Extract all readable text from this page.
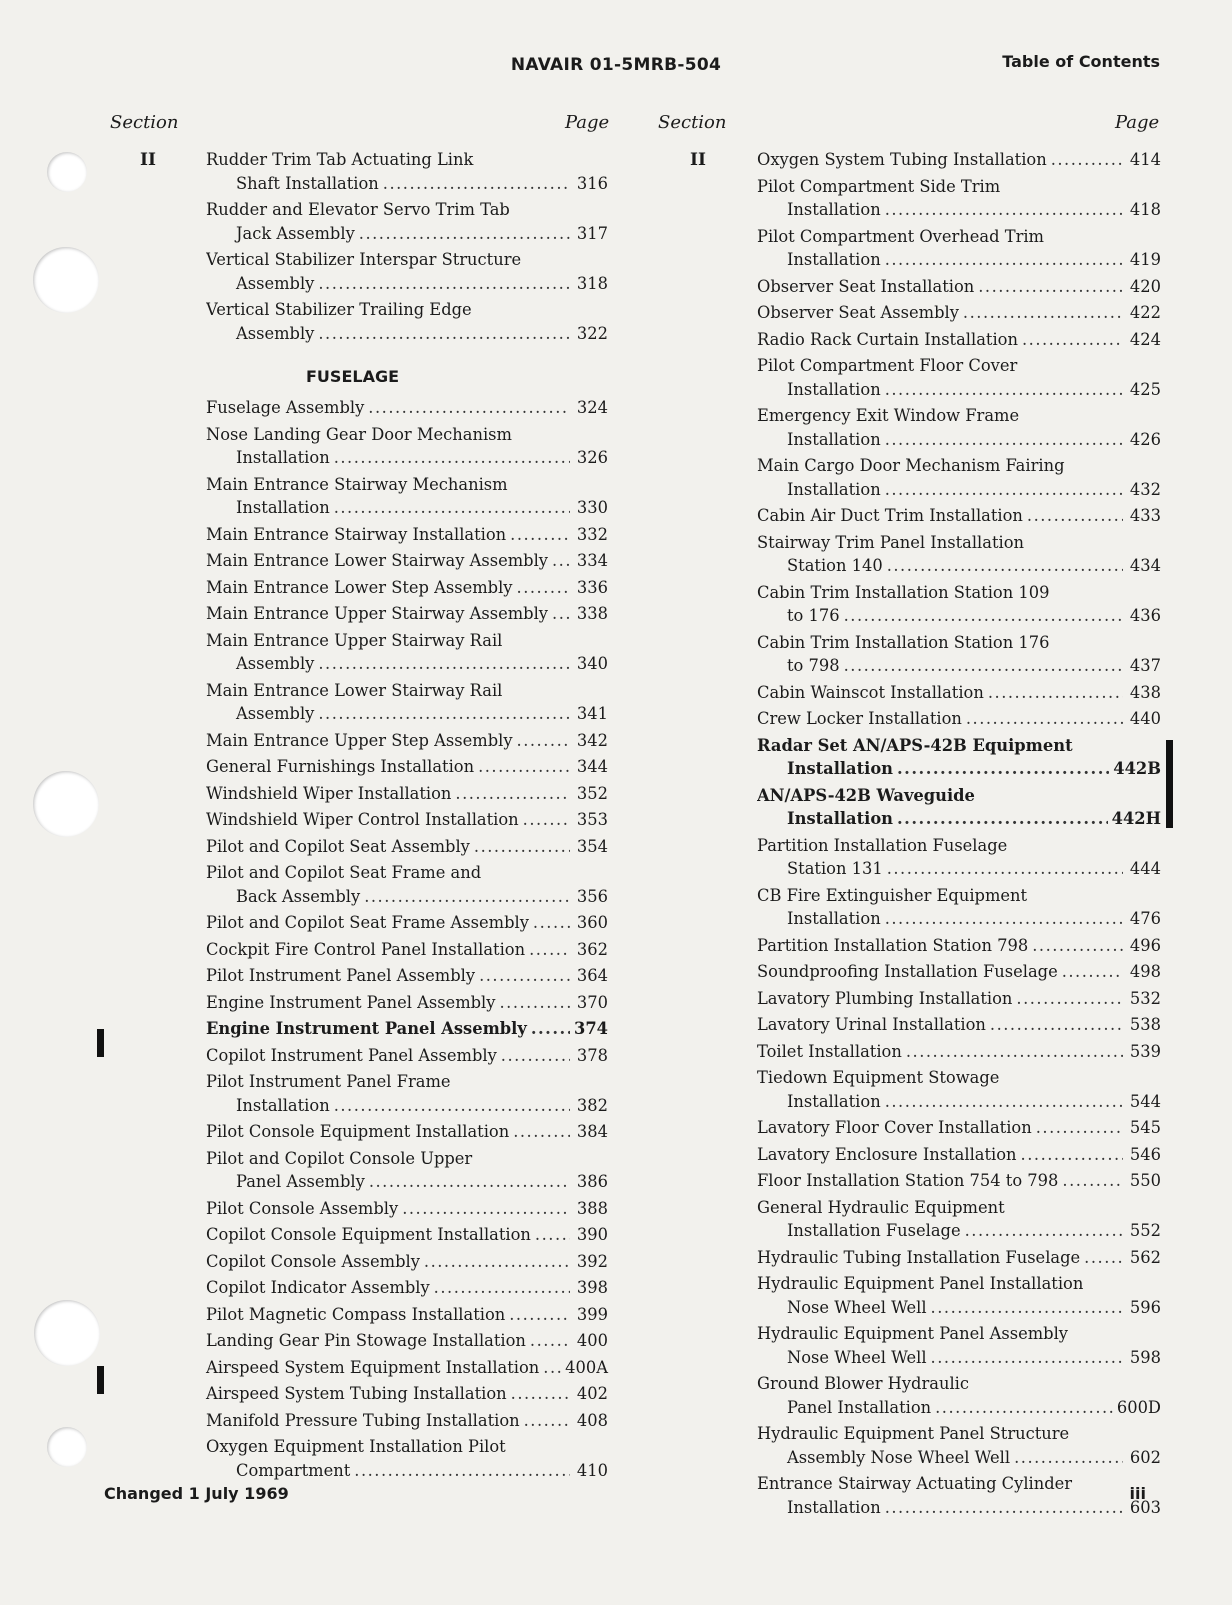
NAVAIR 01-5MRB-504	Table of Contents
Section	Page	Section	Page
II	II
Rudder Trim Tab Actuating Link
Shaft Installation .....	316
Rudder and Elevator Servo Trim Tab
Jack Assembly .....	317
Vertical Stabilizer Interspar Structure
Assembly .....	318
Vertical Stabilizer Trailing Edge
Assembly .....	322
FUSELAGE
Fuselage Assembly .....	324
Nose Landing Gear Door Mechanism
Installation .....	326
Main Entrance Stairway Mechanism
Installation .....	330
Main Entrance Stairway Installation .....	332
Main Entrance Lower Stairway Assembly ..... 334
Main Entrance Lower Step Assembly .....	336
Main Entrance Upper Stairway Assembly ..... 338
Main Entrance Upper Stairway Rail
Assembly .....	340
Main Entrance Lower Stairway Rail
Assembly .....	341
Main Entrance Upper Step Assembly .....	342
General Furnishings Installation .....	344
Windshield Wiper Installation .....	352
Windshield Wiper Control Installation .....	353
Pilot and Copilot Seat Assembly .....	354
Pilot and Copilot Seat Frame and
Back Assembly .....	356
Pilot and Copilot Seat Frame Assembly .....	360
Cockpit Fire Control Panel Installation .....	362
Pilot Instrument Panel Assembly .....	364
Engine Instrument Panel Assembly .....	370
Engine Instrument Panel Assembly .....	374
Copilot Instrument Panel Assembly .....	378
Pilot Instrument Panel Frame
Installation .....	382
Pilot Console Equipment Installation .....	384
Pilot and Copilot Console Upper
Panel Assembly .....	386
Pilot Console Assembly .....	388
Copilot Console Equipment Installation .....	390
Copilot Console Assembly .....	392
Copilot Indicator Assembly .....	398
Pilot Magnetic Compass Installation .....	399
Landing Gear Pin Stowage Installation .....	400
Airspeed System Equipment Installation ..... 400A
Airspeed System Tubing Installation .....	402
Manifold Pressure Tubing Installation .....	408
Oxygen Equipment Installation Pilot
Compartment .....	410
Oxygen System Tubing Installation .....	414
Pilot Compartment Side Trim
Installation .....	418
Pilot Compartment Overhead Trim
Installation .....	419
Observer Seat Installation .....	420
Observer Seat Assembly .....	422
Radio Rack Curtain Installation .....	424
Pilot Compartment Floor Cover
Installation .....	425
Emergency Exit Window Frame
Installation .....	426
Main Cargo Door Mechanism Fairing
Installation .....	432
Cabin Air Duct Trim Installation .....	433
Stairway Trim Panel Installation
Station 140 .....	434
Cabin Trim Installation Station 109
to 176 .....	436
Cabin Trim Installation Station 176
to 798 .....	437
Cabin Wainscot Installation .....	438
Crew Locker Installation .....	440
Radar Set AN/APS-42B Equipment
Installation .....	442B
AN/APS-42B Waveguide
Installation .....	442H
Partition Installation Fuselage
Station 131 .....	444
CB Fire Extinguisher Equipment
Installation .....	476
Partition Installation Station 798 .....	496
Soundproofing Installation Fuselage .....	498
Lavatory Plumbing Installation .....	532
Lavatory Urinal Installation .....	538
Toilet Installation .....	539
Tiedown Equipment Stowage
Installation .....	544
Lavatory Floor Cover Installation .....	545
Lavatory Enclosure Installation .....	546
Floor Installation Station 754 to 798 .....	550
General Hydraulic Equipment
Installation Fuselage .....	552
Hydraulic Tubing Installation Fuselage .....	562
Hydraulic Equipment Panel Installation
Nose Wheel Well .....	596
Hydraulic Equipment Panel Assembly
Nose Wheel Well .....	598
Ground Blower Hydraulic
Panel Installation .....	600D
Hydraulic Equipment Panel Structure
Assembly Nose Wheel Well .....	602
Entrance Stairway Actuating Cylinder
Installation .....	603
Changed 1 July 1969	iii
